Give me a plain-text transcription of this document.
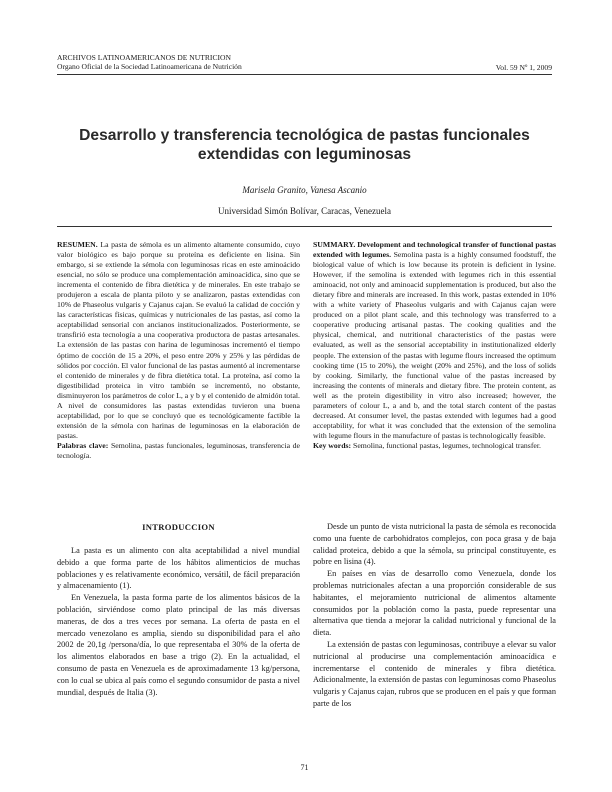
ARCHIVOS LATINOAMERICANOS DE NUTRICION
Organo Oficial de la Sociedad Latinoamericana de Nutrición	Vol. 59 Nº 1, 2009
Desarrollo y transferencia tecnológica de pastas funcionales extendidas con leguminosas
Marisela Granito, Vanesa Ascanio
Universidad Simón Bolívar, Caracas, Venezuela

RESUMEN. La pasta de sémola es un alimento altamente consumido, cuyo valor biológico es bajo porque su proteína es deficiente en lisina. Sin embargo, si se extiende la sémola con leguminosas ricas en este aminoácido esencial, no sólo se produce una complementación aminoacídica, sino que se incrementa el contenido de fibra dietética y de minerales. En este trabajo se produjeron a escala de planta piloto y se analizaron, pastas extendidas con 10% de Phaseolus vulgaris y Cajanus cajan. Se evaluó la calidad de cocción y las características físicas, químicas y nutricionales de las pastas, así como la aceptabilidad sensorial con ancianos institucionalizados. Posteriormente, se transfirió esta tecnología a una cooperativa productora de pastas artesanales. La extensión de las pastas con harina de leguminosas incrementó el tiempo óptimo de cocción de 15 a 20%, el peso entre 20% y 25% y las pérdidas de sólidos por cocción. El valor funcional de las pastas aumentó al incrementarse el contenido de minerales y de fibra dietética total. La proteína, así como la digestibilidad proteica in vitro también se incrementó, no obstante, disminuyeron los parámetros de color L, a y b y el contenido de almidón total. A nivel de consumidores las pastas extendidas tuvieron una buena aceptabilidad, por lo que se concluyó que es tecnológicamente factible la extensión de la sémola con harinas de leguminosas en la elaboración de pastas.

Palabras clave: Semolina, pastas funcionales, leguminosas, transferencia de tecnología.

SUMMARY. Development and technological transfer of functional pastas extended with legumes. Semolina pasta is a highly consumed foodstuff, the biological value of which is low because its protein is deficient in lysine. However, if the semolina is extended with legumes rich in this essential aminoacid, not only and aminoacid supplementation is produced, but also the dietary fibre and minerals are increased. In this work, pastas extended in 10% with a white variety of Phaseolus vulgaris and with Cajanus cajan were produced on a pilot plant scale, and this technology was transferred to a cooperative producing artisanal pastas. The cooking qualities and the physical, chemical, and nutritional characteristics of the pastas were evaluated, as well as the sensorial acceptability in institutionalized elderly people. The extension of the pastas with legume flours increased the optimum cooking time (15 to 20%), the weight (20% and 25%), and the loss of solids by cooking. Similarly, the functional value of the pastas increased by increasing the contents of minerals and dietary fibre. The protein content, as well as the protein digestibility in vitro also increased; however, the parameters of colour L, a and b, and the total starch content of the pastas decreased. At consumer level, the pastas extended with legumes had a good acceptability, for what it was concluded that the extension of the semolina with legume flours in the manufacture of pastas is technologically feasible.

Key words: Semolina, functional pastas, legumes, technological transfer.

INTRODUCCION

La pasta es un alimento con alta aceptabilidad a nivel mundial debido a que forma parte de los hábitos alimenticios de muchas poblaciones y es relativamente económico, versátil, de fácil preparación y almacenamiento (1).

En Venezuela, la pasta forma parte de los alimentos básicos de la población, sirviéndose como plato principal de las más diversas maneras, de dos a tres veces por semana. La oferta de pasta en el mercado venezolano es amplia, siendo su disponibilidad para el año 2002 de 20,1g /persona/día, lo que representaba el 30% de la oferta de los alimentos elaborados en base a trigo (2). En la actualidad, el consumo de pasta en Venezuela es de aproximadamente 13 kg/persona, con lo cual se ubica al país como el segundo consumidor de pasta a nivel mundial, después de Italia (3).

Desde un punto de vista nutricional la pasta de sémola es reconocida como una fuente de carbohidratos complejos, con poca grasa y de baja calidad proteica, debido a que la sémola, su principal constituyente, es pobre en lisina (4).

En países en vías de desarrollo como Venezuela, donde los problemas nutricionales afectan a una proporción considerable de sus habitantes, el mejoramiento nutricional de alimentos altamente consumidos por la población como la pasta, puede representar una alternativa que tienda a mejorar la calidad nutricional y funcional de la dieta.

La extensión de pastas con leguminosas, contribuye a elevar su valor nutricional al producirse una complementación aminoacídica e incrementarse el contenido de minerales y fibra dietética. Adicionalmente, la extensión de pastas con leguminosas como Phaseolus vulgaris y Cajanus cajan, rubros que se producen en el país y que forman parte de los

71
